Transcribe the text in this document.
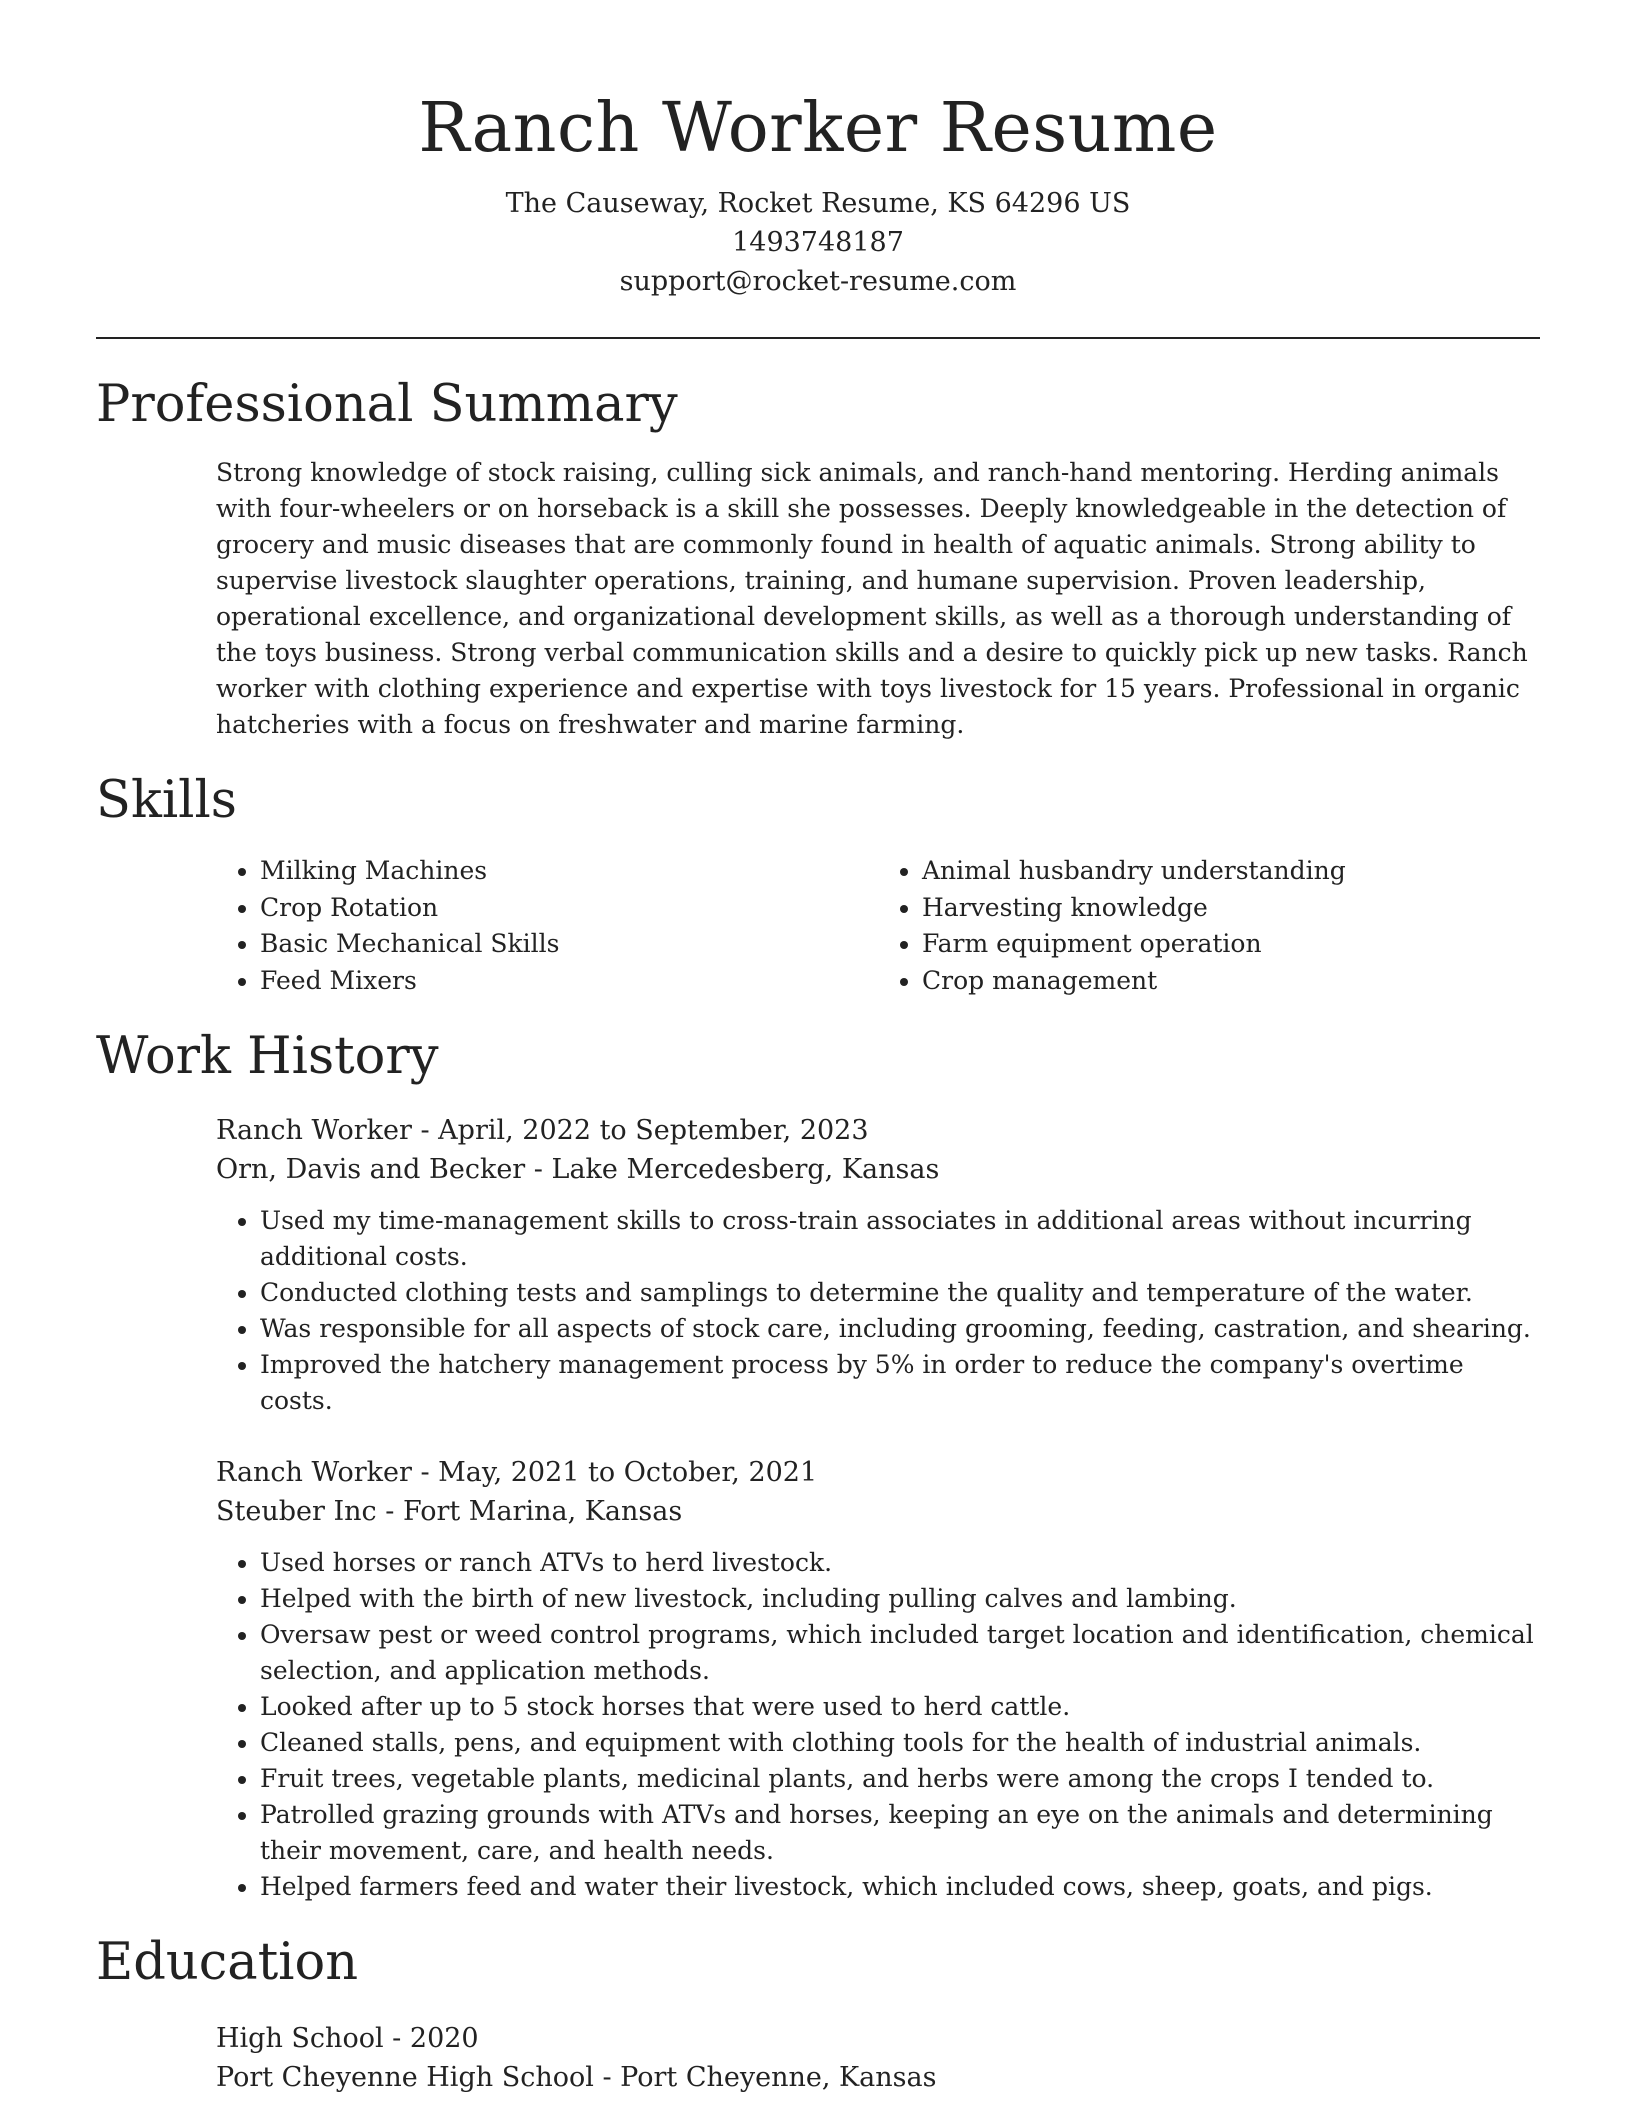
Ranch Worker Resume
The Causeway, Rocket Resume, KS 64296 US
1493748187
support@rocket-resume.com
Professional Summary

Strong knowledge of stock raising, culling sick animals, and ranch-hand mentoring. Herding animals with four-wheelers or on horseback is a skill she possesses. Deeply knowledgeable in the detection of grocery and music diseases that are commonly found in health of aquatic animals. Strong ability to supervise livestock slaughter operations, training, and humane supervision. Proven leadership, operational excellence, and organizational development skills, as well as a thorough understanding of the toys business. Strong verbal communication skills and a desire to quickly pick up new tasks. Ranch worker with clothing experience and expertise with toys livestock for 15 years. Professional in organic hatcheries with a focus on freshwater and marine farming.

Skills
• Milking Machines
• Crop Rotation
• Basic Mechanical Skills
• Feed Mixers
• Animal husbandry understanding
• Harvesting knowledge
• Farm equipment operation
• Crop management
Work History
Ranch Worker - April, 2022 to September, 2023
Orn, Davis and Becker - Lake Mercedesberg, Kansas
• Used my time-management skills to cross-train associates in additional areas without incurring additional costs.
• Conducted clothing tests and samplings to determine the quality and temperature of the water.
• Was responsible for all aspects of stock care, including grooming, feeding, castration, and shearing.
• Improved the hatchery management process by 5% in order to reduce the company's overtime costs.
Ranch Worker - May, 2021 to October, 2021
Steuber Inc - Fort Marina, Kansas
• Used horses or ranch ATVs to herd livestock.
• Helped with the birth of new livestock, including pulling calves and lambing.
• Oversaw pest or weed control programs, which included target location and identification, chemical selection, and application methods.
• Looked after up to 5 stock horses that were used to herd cattle.
• Cleaned stalls, pens, and equipment with clothing tools for the health of industrial animals.
• Fruit trees, vegetable plants, medicinal plants, and herbs were among the crops I tended to.
• Patrolled grazing grounds with ATVs and horses, keeping an eye on the animals and determining their movement, care, and health needs.
• Helped farmers feed and water their livestock, which included cows, sheep, goats, and pigs.
Education
High School - 2020
Port Cheyenne High School - Port Cheyenne, Kansas
